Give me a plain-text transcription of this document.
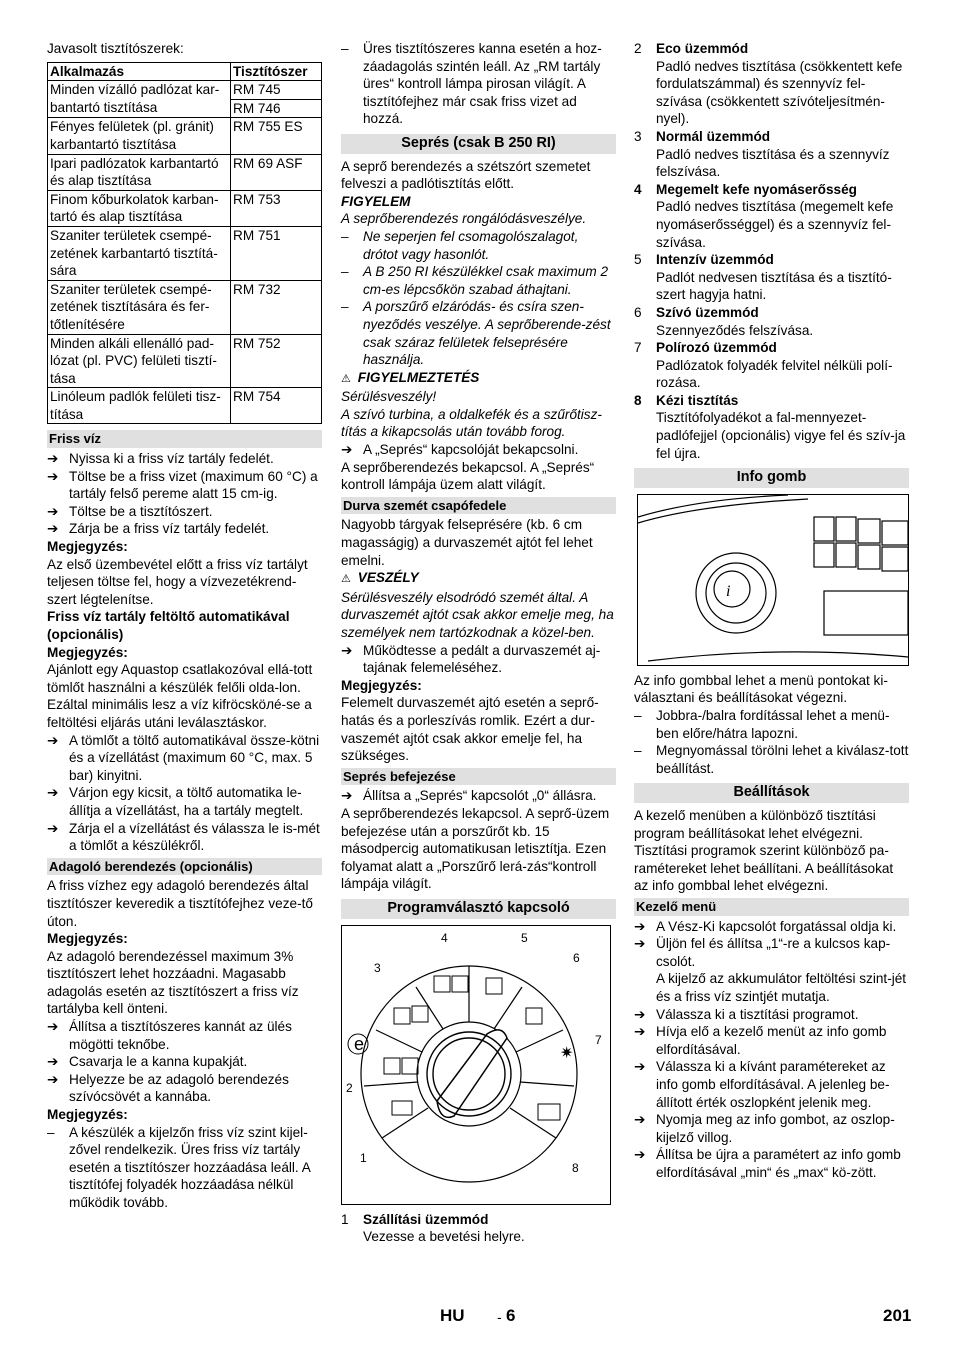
Javasolt tisztítószerek:

Alkalmazás	Tisztítószer
Minden vízálló padlózat kar-bantartó tisztítása	RM 745
	RM 746
Fényes felületek (pl. gránit) karbantartó tisztítása	RM 755 ES
Ipari padlózatok karbantartó és alap tisztítása	RM 69 ASF
Finom kőburkolatok karban-tartó és alap tisztítása	RM 753
Szaniter területek csempé-zetének karbantartó tisztítá-sára	RM 751
Szaniter területek csempé-zetének tisztítására és fer-tőtlenítésére	RM 732
Minden alkáli ellenálló pad-lózat (pl. PVC) felületi tisztí-tása	RM 752
Linóleum padlók felületi tisz-títása	RM 754
Friss víz
➔ Nyissa ki a friss víz tartály fedelét.
➔ Töltse be a friss vizet (maximum 60 °C) a tartály felső pereme alatt 15 cm-ig.
➔ Töltse be a tisztítószert.
➔ Zárja be a friss víz tartály fedelét.

Megjegyzés:

Az első üzembevétel előtt a friss víz tartályt teljesen töltse fel, hogy a vízvezetékrend-szert légtelenítse.

Friss víz tartály feltöltő automatikával (opcionális)

Megjegyzés:

Ajánlott egy Aquastop csatlakozóval ellá-tott tömlőt használni a készülék felőli olda-lon. Ezáltal minimális lesz a víz kifröcsköлé-se a feltöltési eljárás utáni leválasztáskor.

➔ A tömlőt a töltő automatikával össze-kötni és a vízellátást (maximum 60 °C, max. 5 bar) kinyitni.
➔ Várjon egy kicsit, a töltő automatika le-állítja a vízellátást, ha a tartály megtelt.
➔ Zárja el a vízellátást és válassza le is-mét a tömlőt a készülékről.
Adagoló berendezés (opcionális)

A friss vízhez egy adagoló berendezés által tisztítószer keveredik a tisztítófejhez veze-tő úton.

Megjegyzés:

Az adagoló berendezéssel maximum 3% tisztítószert lehet hozzáadni. Magasabb adagolás esetén az tisztítószert a friss víz tartályba kell önteni.

➔ Állítsa a tisztítószeres kannát az ülés mögötti teknőbe.
➔ Csavarja le a kanna kupakját.
➔ Helyezze be az adagoló berendezés szívócsövét a kannába.

Megjegyzés:

–	A készülék a kijelzőn friss víz szint kijel-zővel rendelkezik. Üres friss víz tartály esetén a tisztítószer hozzáadása leáll. A tisztítófej folyadék hozzáadása nélkül működik tovább.
–	Üres tisztítószeres kanna esetén a hoz-záadagolás szintén leáll. Az „RM tartály üres“ kontroll lámpa pirosan világít. A tisztítófejhez már csak friss vizet ad hozzá.
Seprés (csak B 250 RI)

A seprő berendezés a szétszórt szemetet felveszi a padlótisztítás előtt.

FIGYELEM

A seprőberendezés rongálódásveszélye.

–	Ne seperjen fel csomagolószalagot, drótot vagy hasonlót.
–	A B 250 RI készülékkel csak maximum 2 cm-es lépcsőkön szabad áthajtani.
–	A porszűrő elzáródás- és csíra szen-nyeződés veszélye. A seprőberende-zést csak száraz felületek felseprésére használja.

⚠ FIGYELMEZTETÉS

Sérülésveszély!

A szívó turbina, a oldalkefék és a szűrőtisz-títás a kikapcsolás után tovább forog.

➔ A „Seprés“ kapcsolóját bekapcsolni.

A seprőberendezés bekapcsol. A „Seprés“ kontroll lámpája üzem alatt világít.

Durva szemét csapófedele

Nagyobb tárgyak felseprésére (kb. 6 cm magasságig) a durvaszemét ajtót fel lehet emelni.

⚠ VESZÉLY

Sérülésveszély elsodródó szemét által. A durvaszemét ajtót csak akkor emelje meg, ha személyek nem tartózkodnak a közel-ben.

➔ Működtesse a pedált a durvaszemét aj-tajának felemeléséhez.

Megjegyzés:

Felemelt durvaszemét ajtó esetén a seprő-hatás és a porleszívás romlik. Ezért a dur-vaszemét ajtót csak akkor emelje fel, ha szükséges.

Seprés befejezése
➔ Állítsa a „Seprés“ kapcsolót „0“ állásra.

A seprőberendezés lekapcsol. A seprő-üzem befejezése után a porszűrőt kb. 15 másodpercig automatikusan letisztítja. Ezen folyamat alatt a „Porszűrő lerá-zás“kontroll lámpája világít.

Programválasztó kapcsoló
✷
e
1
2
3
4	5
6
7
8
1	Szállítási üzemmód
Vezesse a bevetési helyre.
2	Eco üzemmód
Padló nedves tisztítása (csökkentett kefe fordulatszámmal) és szennyvíz fel-szívása (csökkentett szívóteljesítmén-nyel).
3	Normál üzemmód
Padló nedves tisztítása és a szennyvíz felszívása.
4	Megemelt kefe nyomáserősség
Padló nedves tisztítása (megemelt kefe nyomáserősséggel) és a szennyvíz fel-szívása.
5	Intenzív üzemmód
Padlót nedvesen tisztítása és a tisztító-szert hagyja hatni.
6	Szívó üzemmód
Szennyeződés felszívása.
7	Polírozó üzemmód
Padlózatok folyadék felvitel nélküli polí-rozása.
8	Kézi tisztítás
Tisztítófolyadékot a fal-mennyezet-padlófejjel (opcionális) vigye fel és szív-ja fel újra.
Info gomb
i

Az info gombbal lehet a menü pontokat ki-választani és beállításokat végezni.

–	Jobbra-/balra fordítással lehet a menü-ben előre/hátra lapozni.
–	Megnyomással törölni lehet a kiválasz-tott beállítást.
Beállítások

A kezelő menüben a különböző tisztítási program beállításokat lehet elvégezni. Tisztítási programok szerint különböző pa-ramétereket lehet beállítani. A beállításokat az info gombbal lehet elvégezni.

Kezelő menü
➔ A Vész-Ki kapcsolót forgatással oldja ki.
➔ Üljön fel és állítsa „1“-re a kulcsos kap-csolót.
A kijelző az akkumulátor feltöltési szint-jét és a friss víz szintjét mutatja.
➔ Válassza ki a tisztítási programot.
➔ Hívja elő a kezelő menüt az info gomb elfordításával.
➔ Válassza ki a kívánt paramétereket az info gomb elfordításával. A jelenleg be-állított érték oszlopként jelenik meg.
➔ Nyomja meg az info gombot, az oszlop-kijelző villog.
➔ Állítsa be újra a paramétert az info gomb elfordításával „min“ és „max“ kö-zött.
HU - 6	201
